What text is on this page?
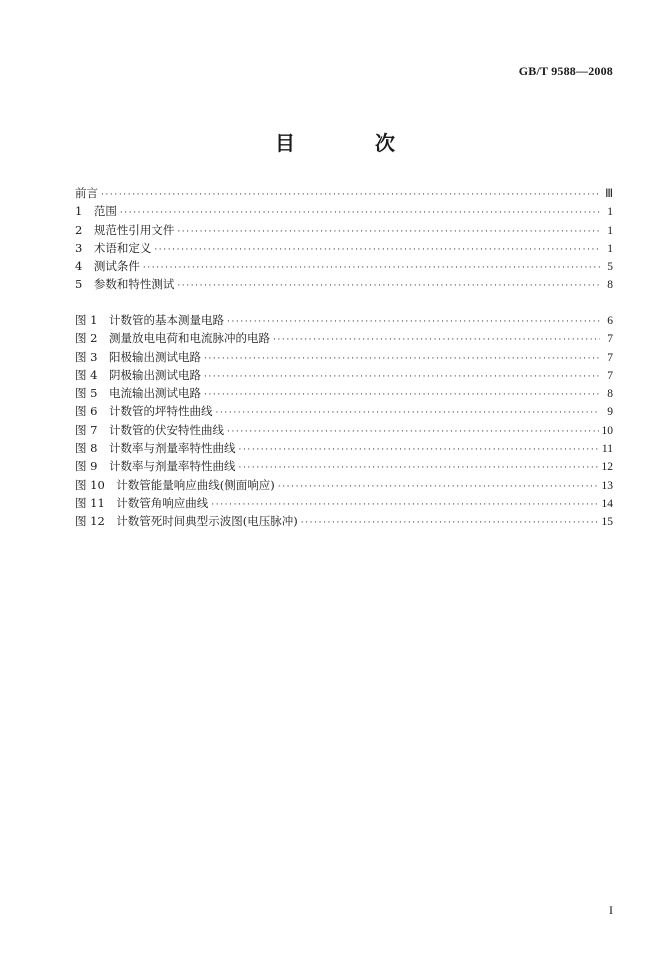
GB/T 9588—2008
目　次
前言 ·····	Ⅲ
1　范围 ·····	1
2　规范性引用文件 ·····	1
3　术语和定义 ·····	1
4　测试条件 ·····	5
5　参数和特性测试 ·····	8
图 1　计数管的基本测量电路 ·····	6
图 2　测量放电电荷和电流脉冲的电路 ·····	7
图 3　阳极输出测试电路 ·····	7
图 4　阴极输出测试电路 ·····	7
图 5　电流输出测试电路 ·····	8
图 6　计数管的坪特性曲线 ·····	9
图 7　计数管的伏安特性曲线 ·····	10
图 8　计数率与剂量率特性曲线 ·····	11
图 9　计数率与剂量率特性曲线 ·····	12
图 10　计数管能量响应曲线(侧面响应) ·····	13
图 11　计数管角响应曲线 ·····	14
图 12　计数管死时间典型示波图(电压脉冲) ·····	15
I
